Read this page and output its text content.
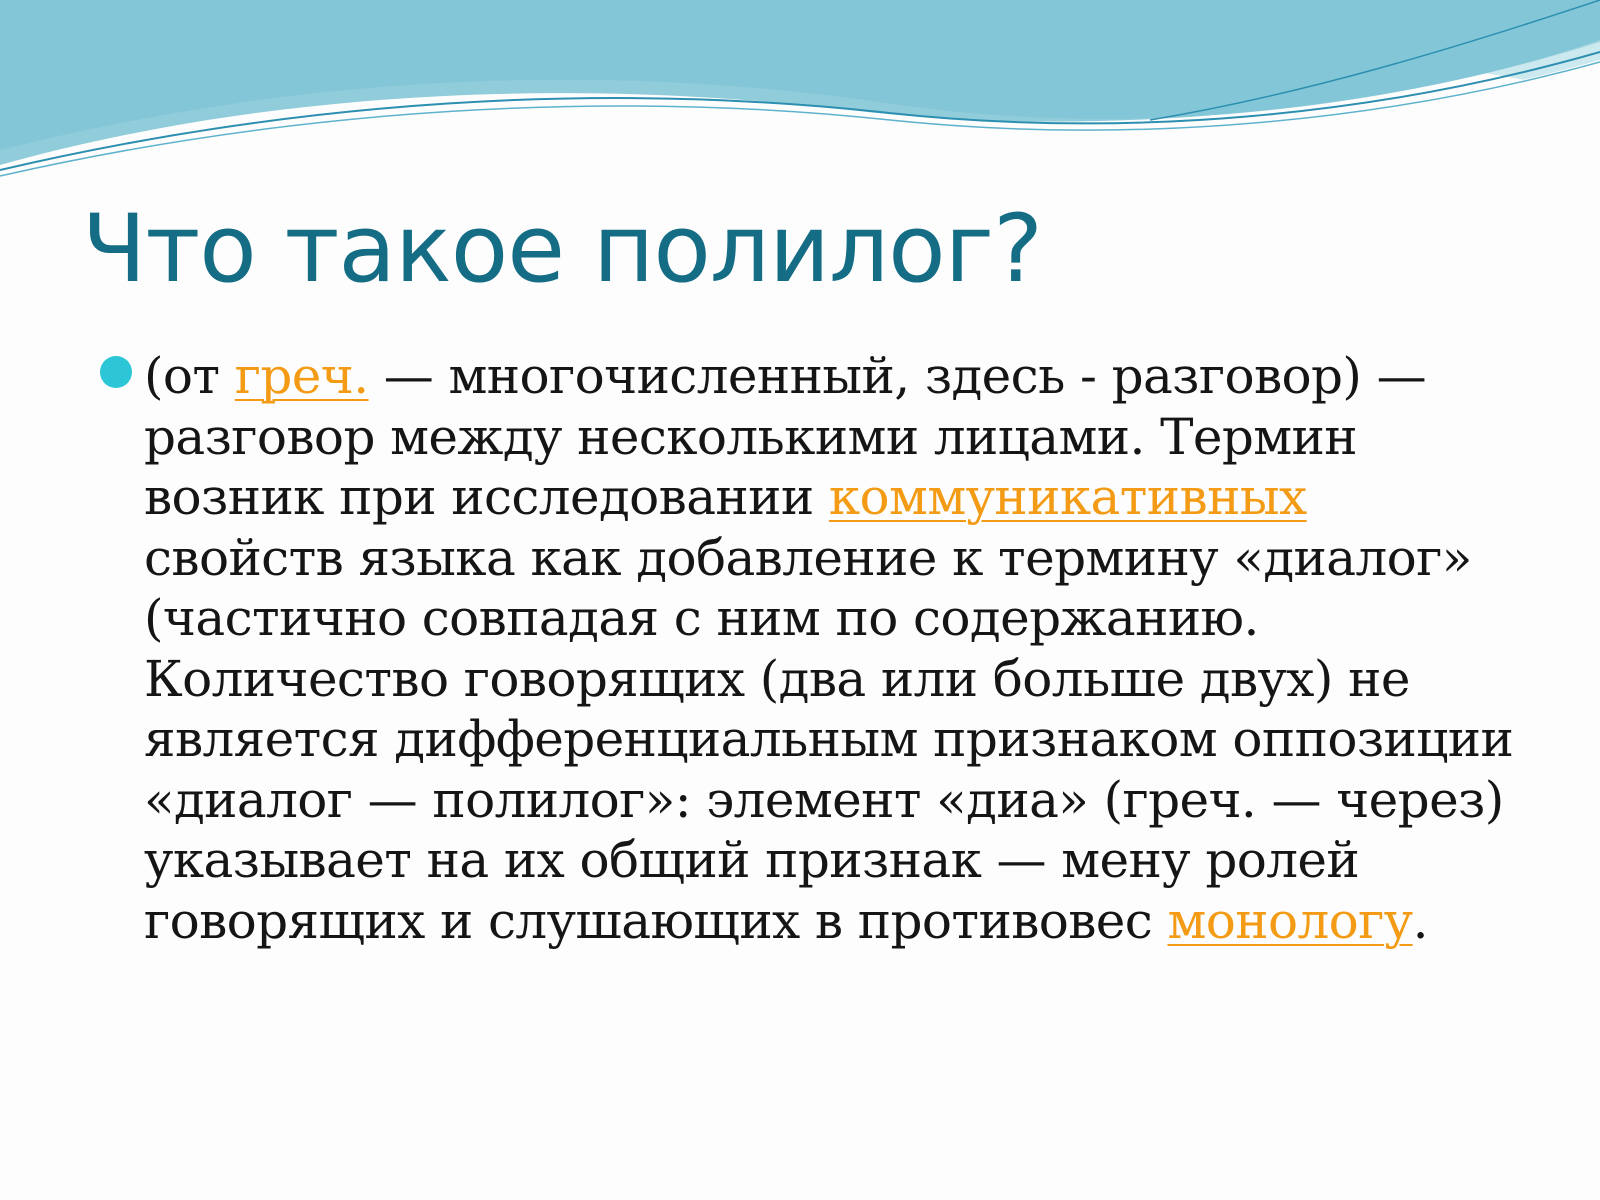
Что такое полилог?

(от греч. — многочисленный, здесь - разговор) — разговор между несколькими лицами. Термин возник при исследовании коммуникативных свойств языка как добавление к термину «диалог» (частично совпадая с ним по содержанию. Количество говорящих (два или больше двух) не является дифференциальным признаком оппозиции «диалог — полилог»: элемент «диа» (греч. — через) указывает на их общий признак — мену ролей говорящих и слушающих в противовес монологу.
